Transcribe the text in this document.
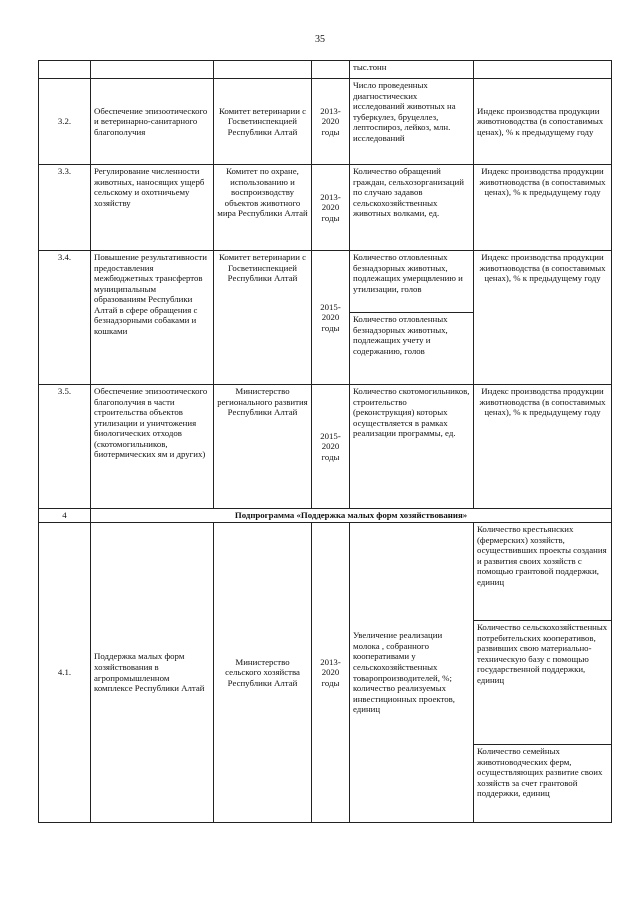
35
				тыс.тонн	
3.2.	Обеспечение эпизоотического и ветеринарно-санитарного благополучия	Комитет ветеринарии с Госветинспекцией Республики Алтай	2013-2020 годы	Число проведенных диагностических исследований животных на туберкулез, бруцеллез, лептоспироз, лейкоз, млн. исследований	Индекс производства продукции животноводства (в сопоставимых ценах), % к предыдущему году
3.3.	Регулирование численности животных, наносящих ущерб сельскому и охотничьему хозяйству	Комитет по охране, использованию и воспроизводству объектов животного мира Республики Алтай	2013-2020 годы	Количество обращений граждан, сельхозорганизаций по случаю задавов сельскохозяйственных животных волками, ед.	Индекс производства продукции животноводства (в сопоставимых ценах), % к предыдущему году
3.4.	Повышение результативности предоставления межбюджетных трансфертов муниципальным образованиям Республики Алтай в сфере обращения с безнадзорными собаками и кошками	Комитет ветеринарии с Госветинспекцией Республики Алтай	2015-2020 годы	Количество отловленных безнадзорных животных, подлежащих умерщвлению и утилизации, голов	Индекс производства продукции животноводства (в сопоставимых ценах), % к предыдущему году
				Количество отловленных безнадзорных животных, подлежащих учету и содержанию, голов	
3.5.	Обеспечение эпизоотического благополучия в части строительства объектов утилизации и уничтожения биологических отходов (скотомогильников, биотермических ям и других)	Министерство регионального развития Республики Алтай	2015-2020 годы	Количество скотомогильников, строительство (реконструкция) которых осуществляется в рамках реализации программы, ед.	Индекс производства продукции животноводства (в сопоставимых ценах), % к предыдущему году
4	Подпрограмма «Поддержка малых форм хозяйствования»				
4.1.	Поддержка малых форм хозяйствования в агропромышленном комплексе Республики Алтай	Министерство сельского хозяйства Республики Алтай	2013-2020 годы	Увеличение реализации молока , собранного кооперативами у сельскохозяйственных товаропроизводителей, %; количество реализуемых инвестиционных проектов, единиц	Количество крестьянских (фермерских) хозяйств, осуществивших проекты создания и развития своих хозяйств с помощью грантовой поддержки, единиц
					Количество сельскохозяйственных потребительских кооперативов, развивших свою материально-техническую базу с помощью государственной поддержки, единиц
					Количество семейных животноводческих ферм, осуществляющих развитие своих хозяйств за счет грантовой поддержки, единиц
